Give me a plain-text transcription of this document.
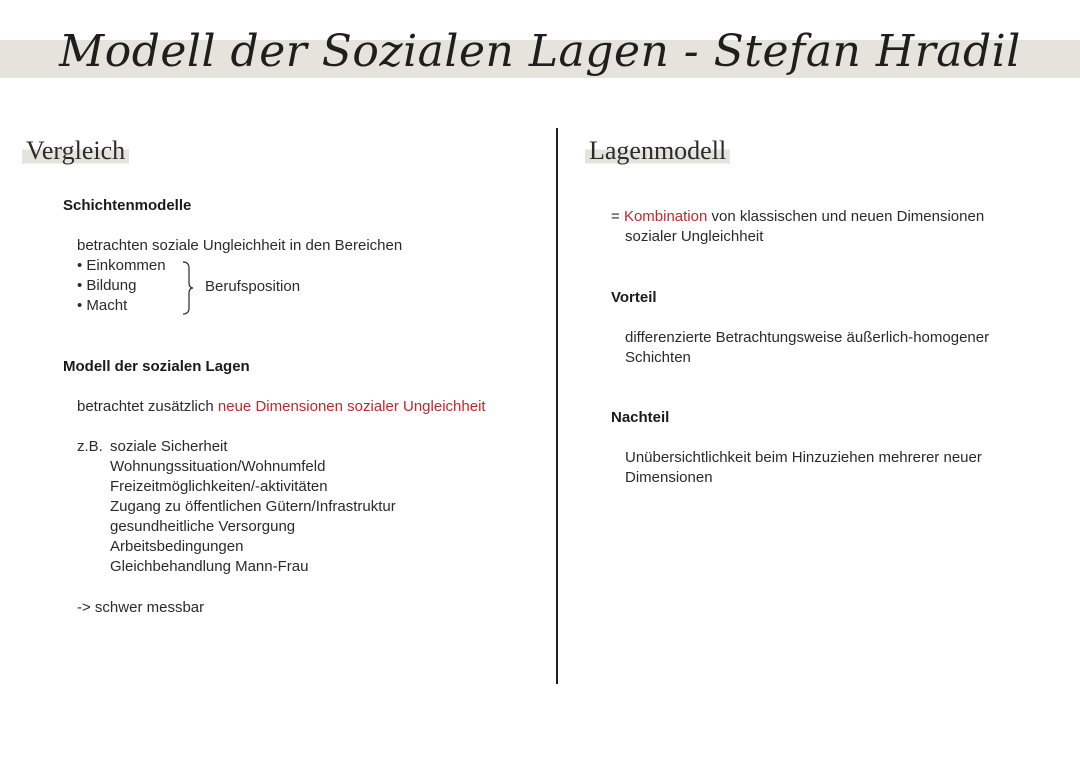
Modell der Sozialen Lagen - Stefan Hradil
Vergleich
Schichtenmodelle
betrachten soziale Ungleichheit in den Bereichen
• Einkommen
• Bildung
• Macht
Berufsposition
Modell der sozialen Lagen
betrachtet zusätzlich neue Dimensionen sozialer Ungleichheit
z.B. soziale Sicherheit
Wohnungssituation/Wohnumfeld
Freizeitmöglichkeiten/-aktivitäten
Zugang zu öffentlichen Gütern/Infrastruktur
gesundheitliche Versorgung
Arbeitsbedingungen
Gleichbehandlung Mann-Frau
-> schwer messbar
Lagenmodell
= Kombination von klassischen und neuen Dimensionen
sozialer Ungleichheit
Vorteil
differenzierte Betrachtungsweise äußerlich-homogener
Schichten
Nachteil
Unübersichtlichkeit beim Hinzuziehen mehrerer neuer
Dimensionen
